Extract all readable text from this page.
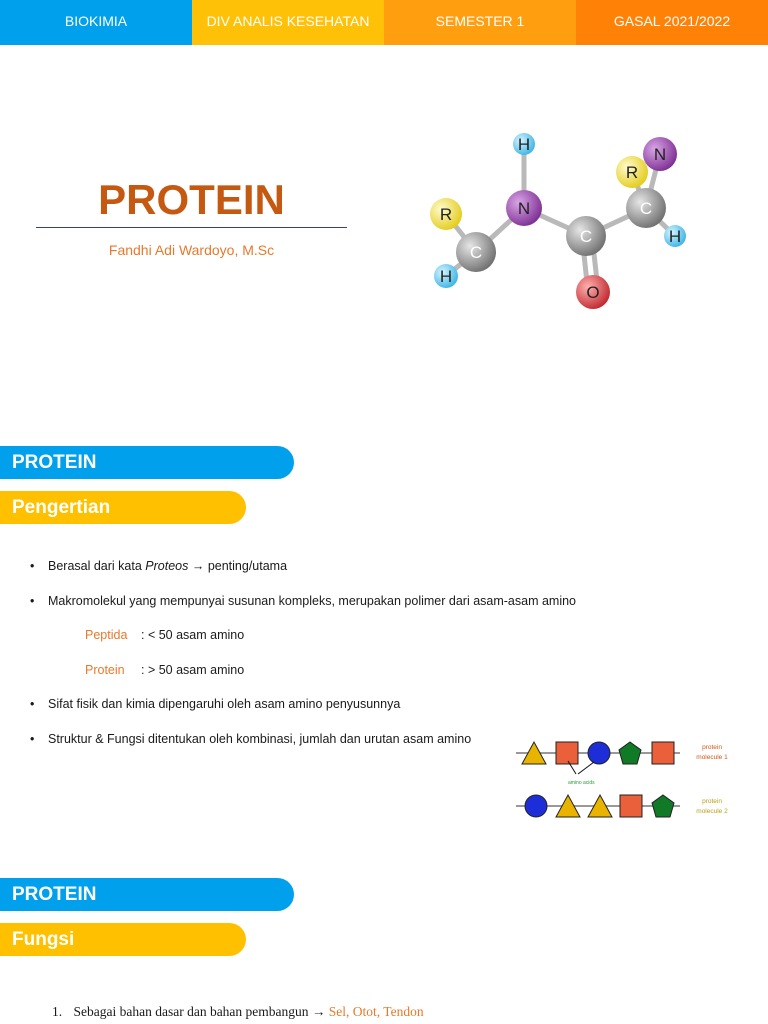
BIOKIMIA	DIV ANALIS KESEHATAN	SEMESTER 1	GASAL 2021/2022
PROTEIN
Fandhi Adi Wardoyo, M.Sc
N
R
H
R	N
C
H
C
O
C
H
PROTEIN
Pengertian
• Berasal dari kata Proteos → penting/utama
• Makromolekul yang mempunyai susunan kompleks, merupakan polimer dari asam-asam amino
• Sifat fisik dan kimia dipengaruhi oleh asam amino penyusunnya
• Struktur & Fungsi ditentukan oleh kombinasi, jumlah dan urutan asam amino
Peptida : < 50 asam amino
Protein : > 50 asam amino
amino acids
protein
molecule 1
protein
molecule 2
PROTEIN
Fungsi
1. Sebagai bahan dasar dan bahan pembangun → Sel, Otot, Tendon
